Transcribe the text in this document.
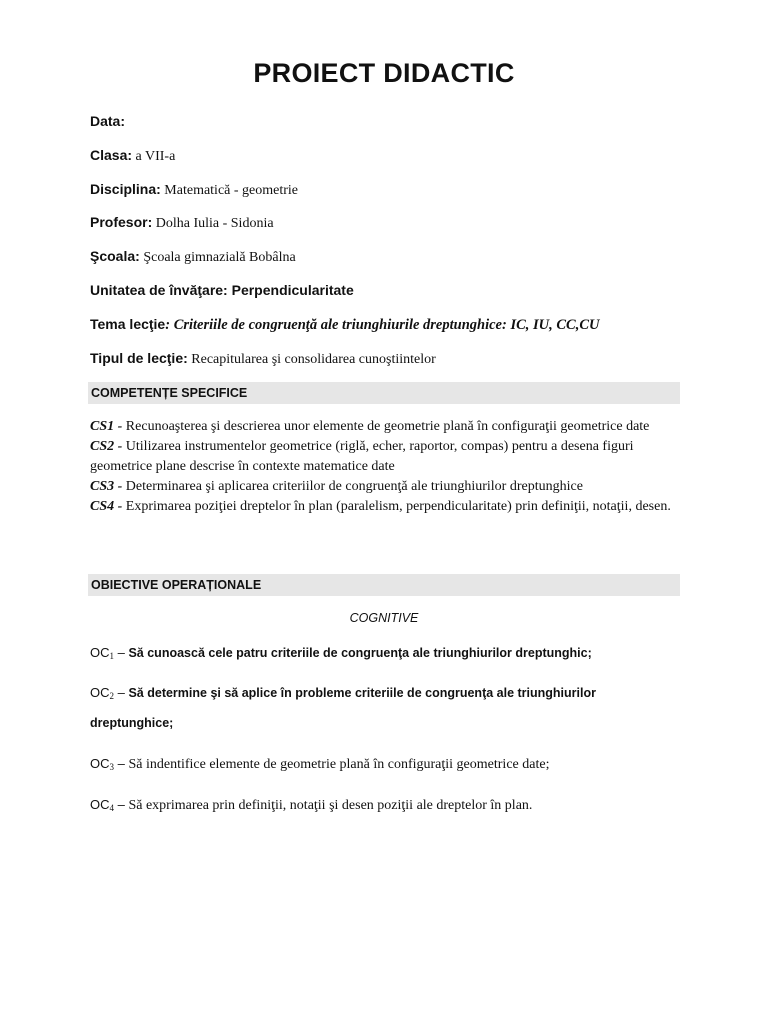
PROIECT DIDACTIC
Data:
Clasa: a VII-a
Disciplina: Matematică - geometrie
Profesor: Dolha Iulia - Sidonia
Şcoala: Şcoala gimnazială Bobâlna
Unitatea de învăţare: Perpendicularitate
Tema lecţie: Criteriile de congruenţă ale triunghiurile dreptunghice: IC, IU, CC,CU
Tipul de lecţie: Recapitularea şi consolidarea cunoştiintelor
COMPETENȚE SPECIFICE
CS1 - Recunoaşterea şi descrierea unor elemente de geometrie plană în configuraţii geometrice date
CS2 - Utilizarea instrumentelor geometrice (riglă, echer, raportor, compas) pentru a desena figuri geometrice plane descrise în contexte matematice date
CS3 - Determinarea şi aplicarea criteriilor de congruenţă ale triunghiurilor dreptunghice
CS4 - Exprimarea poziţiei dreptelor în plan (paralelism, perpendicularitate) prin definiţii, notaţii, desen.
OBIECTIVE OPERAȚIONALE
COGNITIVE
$OC_1$ – Să cunoască cele patru criteriile de congruenţa ale triunghiurilor dreptunghic;
$OC_2$ – Să determine şi să aplice în probleme criteriile de congruenţa ale triunghiurilor
dreptunghice;
$OC_3$ – Să indentifice elemente de geometrie plană în configuraţii geometrice date;
$OC_4$ – Să exprimarea prin definiţii, notaţii şi desen poziţii ale dreptelor în plan.
